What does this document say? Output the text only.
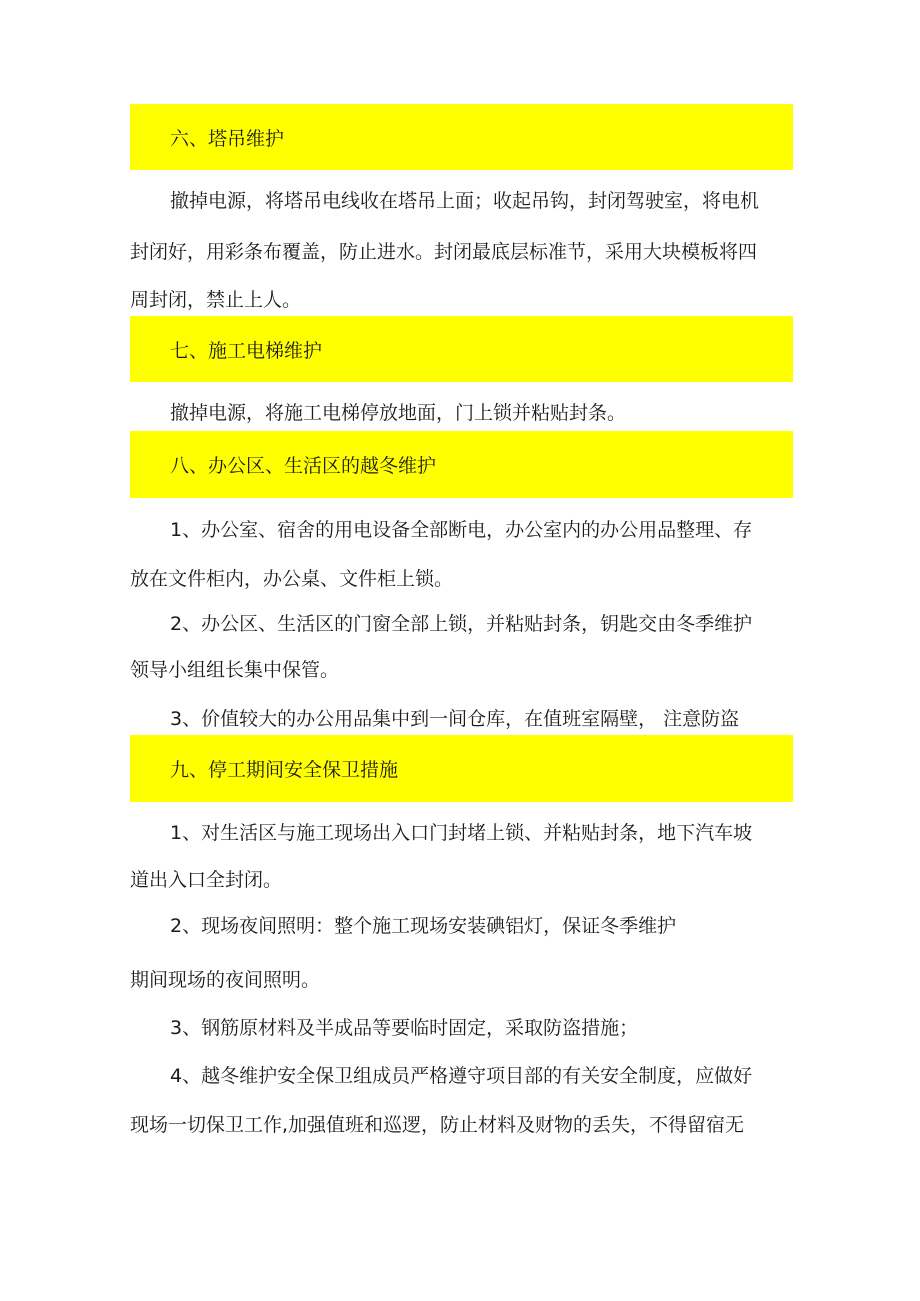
六、塔吊维护
撤掉电源，将塔吊电线收在塔吊上面；收起吊钩，封闭驾驶室，将电机
封闭好，用彩条布覆盖，防止进水。封闭最底层标准节，采用大块模板将四
周封闭，禁止上人。
七、施工电梯维护
撤掉电源，将施工电梯停放地面，门上锁并粘贴封条。
八、办公区、生活区的越冬维护
1、办公室、宿舍的用电设备全部断电，办公室内的办公用品整理、存
放在文件柜内，办公桌、文件柜上锁。
2、办公区、生活区的门窗全部上锁，并粘贴封条，钥匙交由冬季维护
领导小组组长集中保管。
3、价值较大的办公用品集中到一间仓库，在值班室隔壁， 注意防盗
九、停工期间安全保卫措施
1、对生活区与施工现场出入口门封堵上锁、并粘贴封条，地下汽车坡
道出入口全封闭。
2、现场夜间照明：整个施工现场安装碘铝灯，保证冬季维护
期间现场的夜间照明。
3、钢筋原材料及半成品等要临时固定，采取防盗措施；
4、越冬维护安全保卫组成员严格遵守项目部的有关安全制度，应做好
现场一切保卫工作,加强值班和巡逻，防止材料及财物的丢失，不得留宿无
